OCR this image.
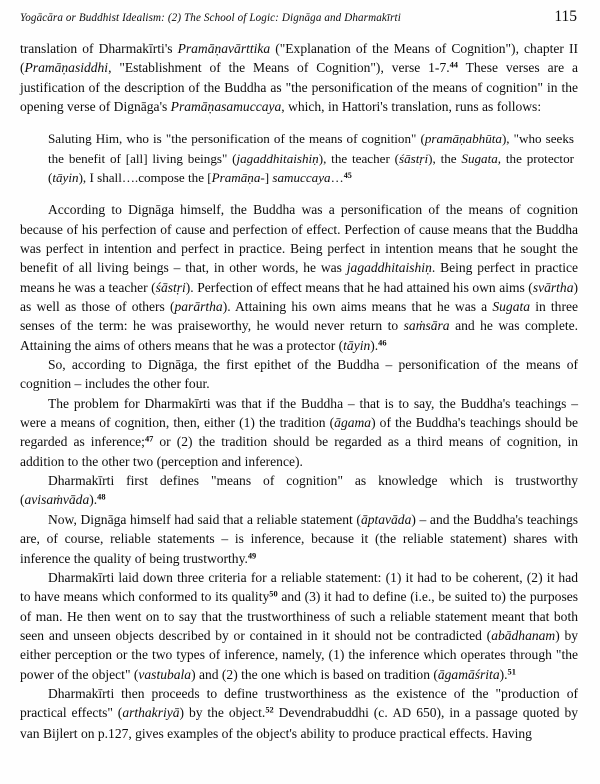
Yogācāra or Buddhist Idealism: (2) The School of Logic: Dignāga and Dharmakīrti	115

translation of Dharmakīrti's Pramāṇavārttika ("Explanation of the Means of Cognition"), chapter II (Pramāṇasiddhi, "Establishment of the Means of Cognition"), verse 1-7.44 These verses are a justification of the description of the Buddha as "the personification of the means of cognition" in the opening verse of Dignāga's Pramāṇasamuccaya, which, in Hattori's translation, runs as follows:

Saluting Him, who is "the personification of the means of cognition" (pramāṇabhūta), "who seeks the benefit of [all] living beings" (jagaddhitaishiṇ), the teacher (śāstṛi), the Sugata, the protector (tāyin), I shall….compose the [Pramāṇa-] samuccaya…$^{45}$

According to Dignāga himself, the Buddha was a personification of the means of cognition because of his perfection of cause and perfection of effect. Perfection of cause means that the Buddha was perfect in intention and perfect in practice. Being perfect in intention means that he sought the benefit of all living beings – that, in other words, he was jagaddhitaishiṇ. Being perfect in practice means he was a teacher (śāstṛi). Perfection of effect means that he had attained his own aims (svārtha) as well as those of others (parārtha). Attaining his own aims means that he was a Sugata in three senses of the term: he was praiseworthy, he would never return to saṁsāra and he was complete. Attaining the aims of others means that he was a protector (tāyin).$^{46}$

So, according to Dignāga, the first epithet of the Buddha – personification of the means of cognition – includes the other four.

The problem for Dharmakīrti was that if the Buddha – that is to say, the Buddha's teachings – were a means of cognition, then, either (1) the tradition (āgama) of the Buddha's teachings should be regarded as inference;$^{47}$ or (2) the tradition should be regarded as a third means of cognition, in addition to the other two (perception and inference).

Dharmakīrti first defines "means of cognition" as knowledge which is trustworthy (avisaṁvāda).$^{48}$

Now, Dignāga himself had said that a reliable statement (āptavāda) – and the Buddha's teachings are, of course, reliable statements – is inference, because it (the reliable statement) shares with inference the quality of being trustworthy.$^{49}$

Dharmakīrti laid down three criteria for a reliable statement: (1) it had to be coherent, (2) it had to have means which conformed to its quality$^{50}$ and (3) it had to define (i.e., be suited to) the purposes of man. He then went on to say that the trustworthiness of such a reliable statement meant that both seen and unseen objects described by or contained in it should not be contradicted (abādhanam) by either perception or the two types of inference, namely, (1) the inference which operates through "the power of the object" (vastubala) and (2) the one which is based on tradition (āgamāśrita).$^{51}$

Dharmakīrti then proceeds to define trustworthiness as the existence of the "production of practical effects" (arthakriyā) by the object.$^{52}$ Devendrabuddhi (c. AD 650), in a passage quoted by van Bijlert on p.127, gives examples of the object's ability to produce practical effects. Having
